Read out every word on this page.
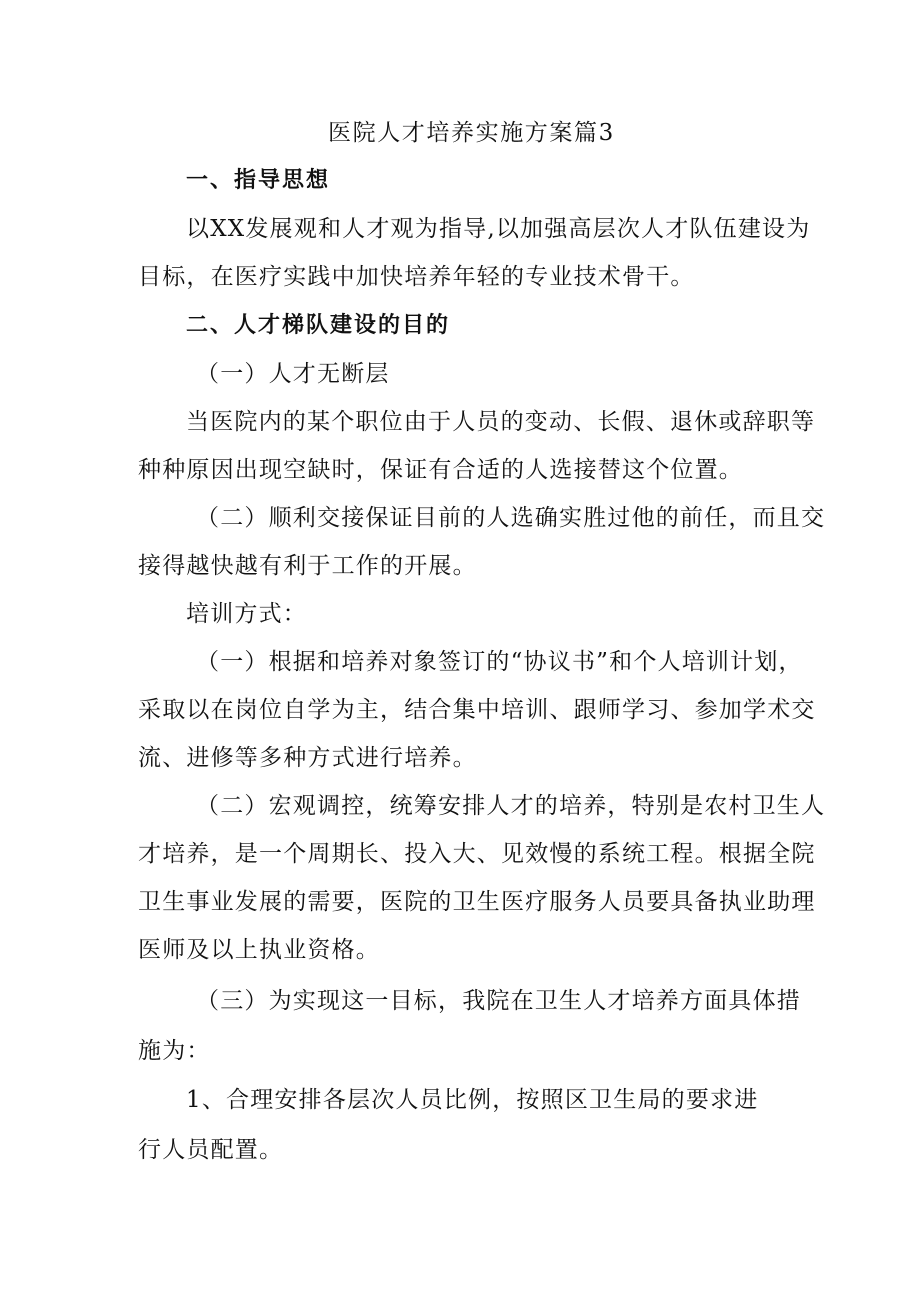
医院人才培养实施方案篇3
一、指导思想
以XX发展观和人才观为指导,以加强高层次人才队伍建设为
目标，在医疗实践中加快培养年轻的专业技术骨干。
二、人才梯队建设的目的
（一）人才无断层
当医院内的某个职位由于人员的变动、长假、退休或辞职等
种种原因出现空缺时，保证有合适的人选接替这个位置。
（二）顺利交接保证目前的人选确实胜过他的前任，而且交
接得越快越有利于工作的开展。
培训方式：
（一）根据和培养对象签订的“协议书”和个人培训计划，
采取以在岗位自学为主，结合集中培训、跟师学习、参加学术交
流、进修等多种方式进行培养。
（二）宏观调控，统筹安排人才的培养，特别是农村卫生人
才培养，是一个周期长、投入大、见效慢的系统工程。根据全院
卫生事业发展的需要，医院的卫生医疗服务人员要具备执业助理
医师及以上执业资格。
（三）为实现这一目标，我院在卫生人才培养方面具体措
施为：
1、合理安排各层次人员比例，按照区卫生局的要求进
行人员配置。
